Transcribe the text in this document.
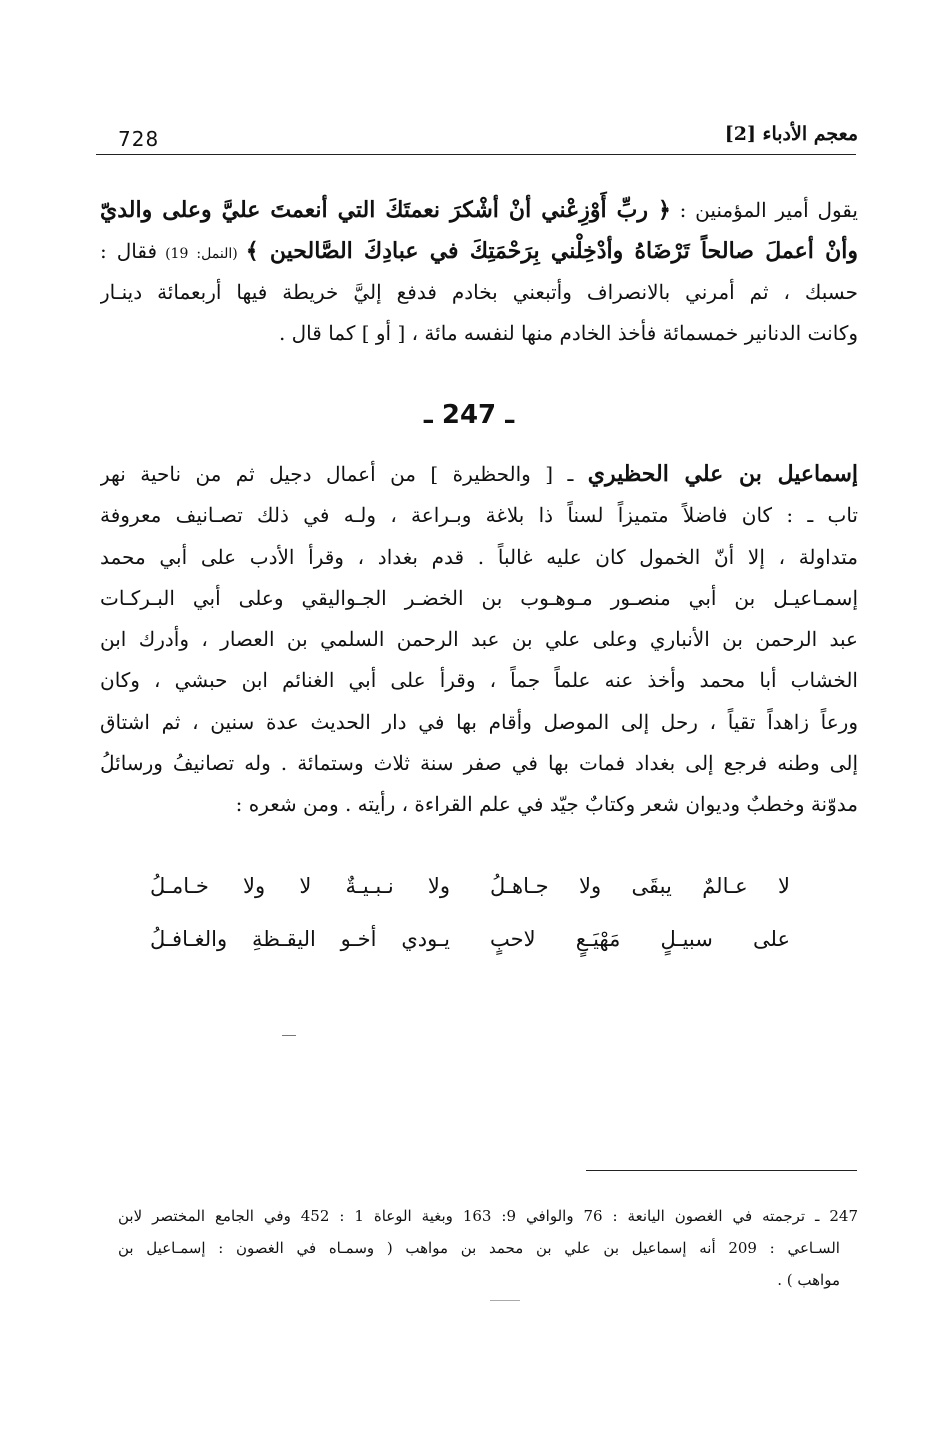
728	معجم الأدباء [2]
يقول أمير المؤمنين : ﴿ ربِّ أَوْزِعْني أنْ أشْكرَ نعمتَكَ التي أنعمتَ عليَّ وعلى والديّ
وأنْ أعملَ صالحاً تَرْضَاهُ وأدْخِلْني بِرَحْمَتِكَ في عبادِكَ الصَّالحين ﴾ (النمل: 19) فقال :
حسبك ، ثم أمرني بالانصراف وأتبعني بخادم فدفع إليَّ خريطة فيها أربعمائة دينـار
وكانت الدنانير خمسمائة فأخذ الخادم منها لنفسه مائة ، [ أو ] كما قال .
ـ 247 ـ
إسماعيل بن علي الحظيري ـ [ والحظيرة ] من أعمال دجيل ثم من ناحية نهر
تاب ـ : كان فاضلاً متميزاً لسناً ذا بلاغة وبـراعة ، ولـه في ذلك تصـانيف معروفة
متداولة ، إلا أنّ الخمول كان عليه غالباً . قدم بغداد ، وقرأ الأدب على أبي محمد
إسمـاعيـل بن أبي منصـور مـوهـوب بن الخضـر الجـواليقي وعلى أبي البـركـات
عبد الرحمن بن الأنباري وعلى علي بن عبد الرحمن السلمي بن العصار ، وأدرك ابن
الخشاب أبا محمد وأخذ عنه علماً جماً ، وقرأ على أبي الغنائم ابن حبشي ، وكان
ورعاً زاهداً تقياً ، رحل إلى الموصل وأقام بها في دار الحديث عدة سنين ، ثم اشتاق
إلى وطنه فرجع إلى بغداد فمات بها في صفر سنة ثلاث وستمائة . وله تصانيفُ ورسائلُ
مدوّنة وخطبٌ وديوان شعر وكتابٌ جيّد في علم القراءة ، رأيته . ومن شعره :
لا عـالمٌ يبقَى ولا جـاهـلُ
ولا نـبـيـةٌ لا ولا خـامـلُ
على سبيـلٍ مَهْيَـعٍ لاحبٍ
يـودي أخـو اليقـظةِ والغـافـلُ
247 ـ ترجمته في الغصون اليانعة : 76 والوافي 9: 163 وبغية الوعاة 1 : 452 وفي الجامع المختصر لابن
السـاعي : 209 أنه إسماعيل بن علي بن محمد بن مواهب ( وسمـاه في الغصون : إسمـاعيل بن
مواهب ) .
